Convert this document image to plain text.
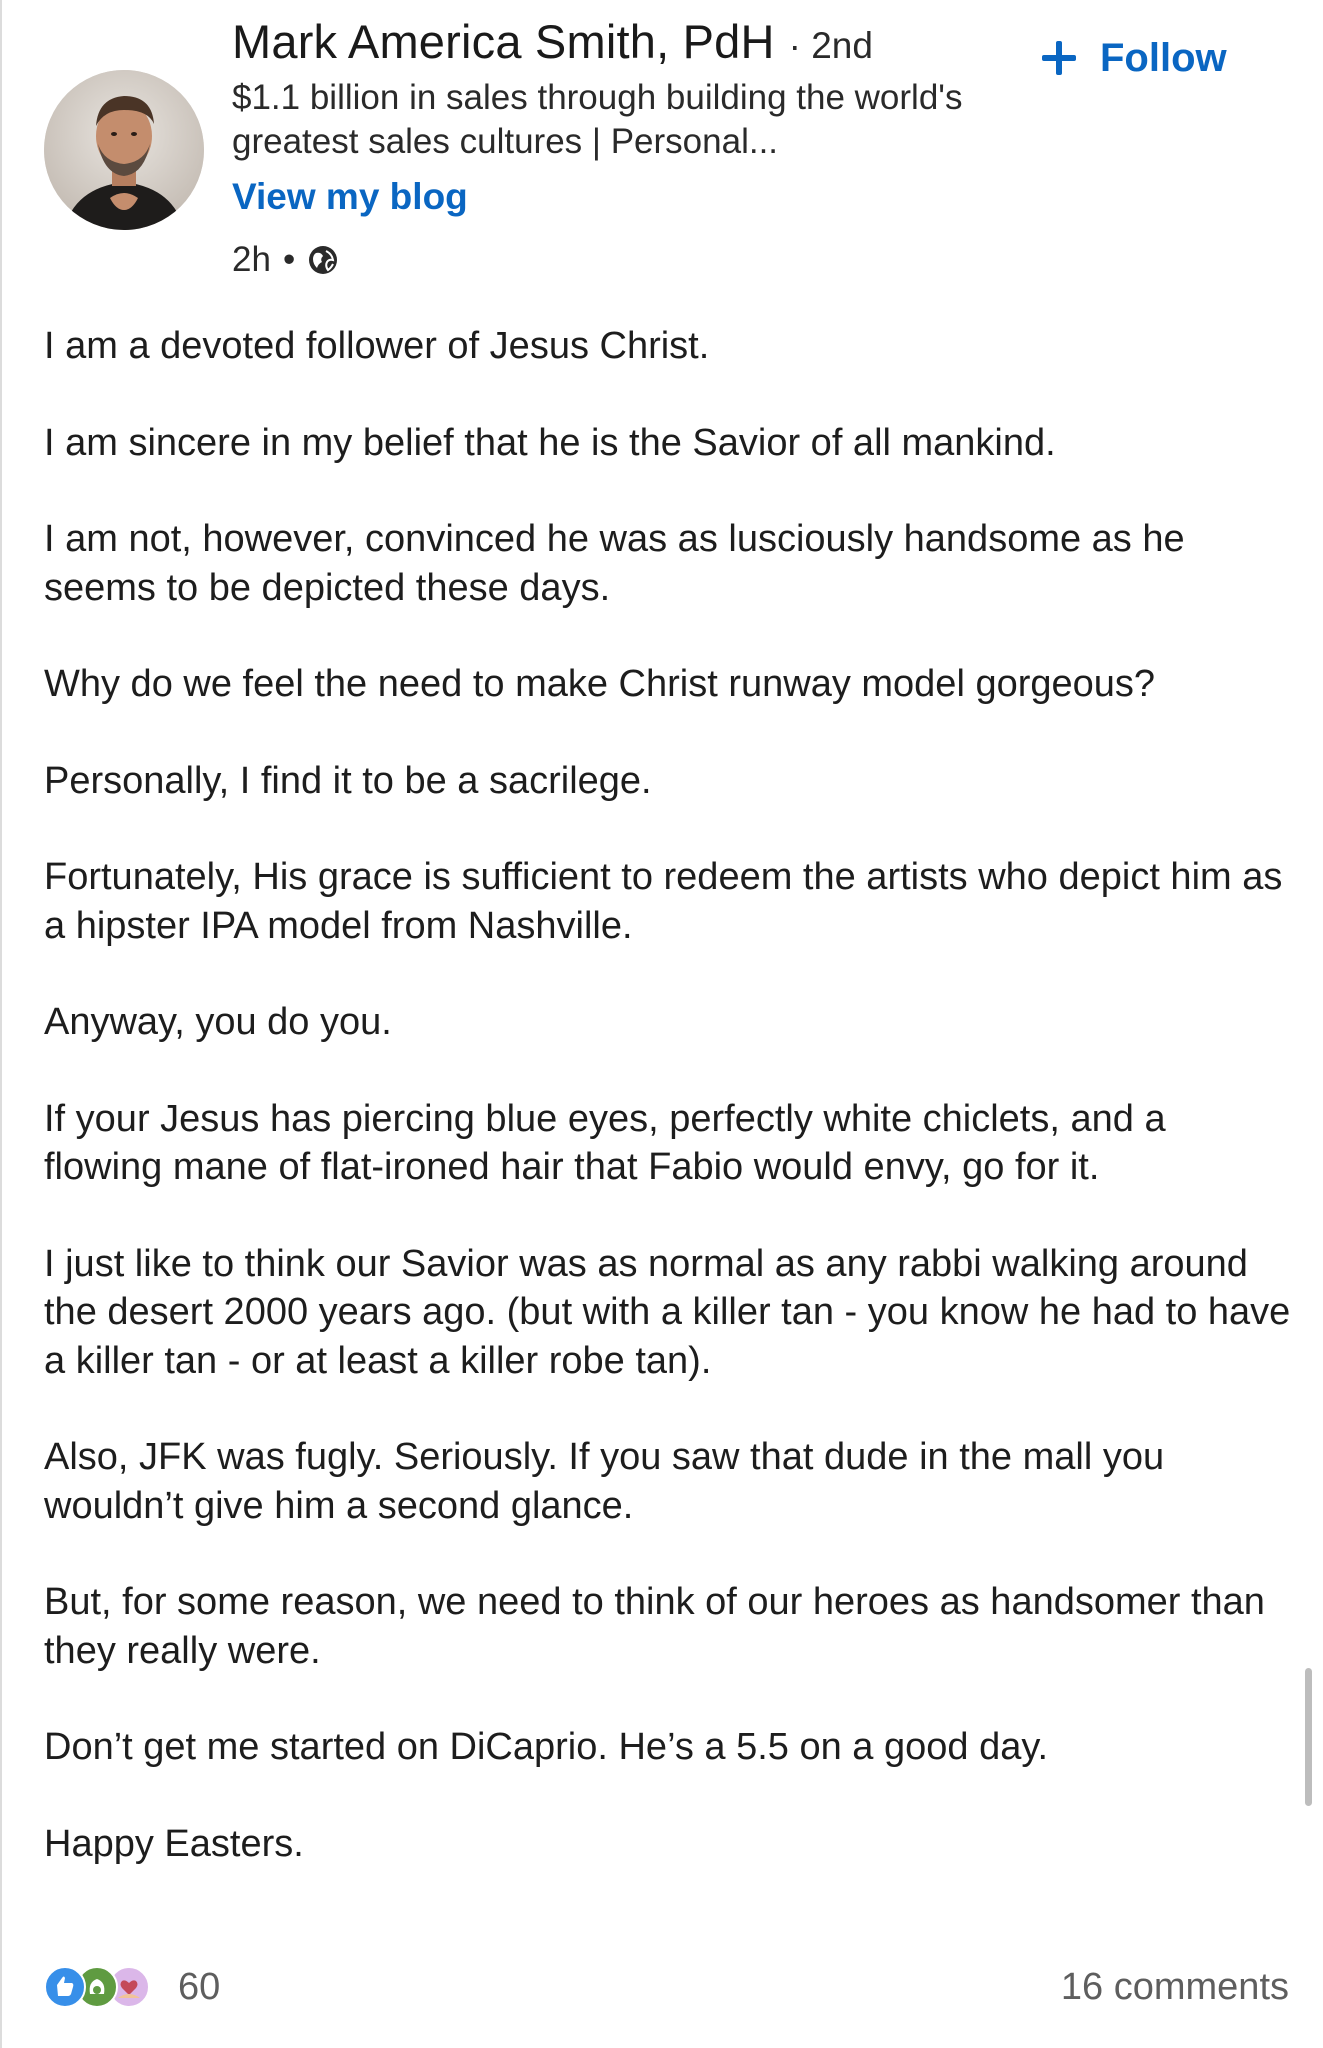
Mark America Smith, PdH · 2nd	Follow
$1.1 billion in sales through building the world's greatest sales cultures | Personal...
View my blog
2h •

I am a devoted follower of Jesus Christ.

I am sincere in my belief that he is the Savior of all mankind.

I am not, however, convinced he was as lusciously handsome as he seems to be depicted these days.

Why do we feel the need to make Christ runway model gorgeous?

Personally, I find it to be a sacrilege.

Fortunately, His grace is sufficient to redeem the artists who depict him as a hipster IPA model from Nashville.

Anyway, you do you.

If your Jesus has piercing blue eyes, perfectly white chiclets, and a flowing mane of flat-ironed hair that Fabio would envy, go for it.

I just like to think our Savior was as normal as any rabbi walking around the desert 2000 years ago. (but with a killer tan - you know he had to have a killer tan - or at least a killer robe tan).

Also, JFK was fugly. Seriously. If you saw that dude in the mall you wouldn’t give him a second glance.

But, for some reason, we need to think of our heroes as handsomer than they really were.

Don’t get me started on DiCaprio. He’s a 5.5 on a good day.

Happy Easters.

60	16 comments
